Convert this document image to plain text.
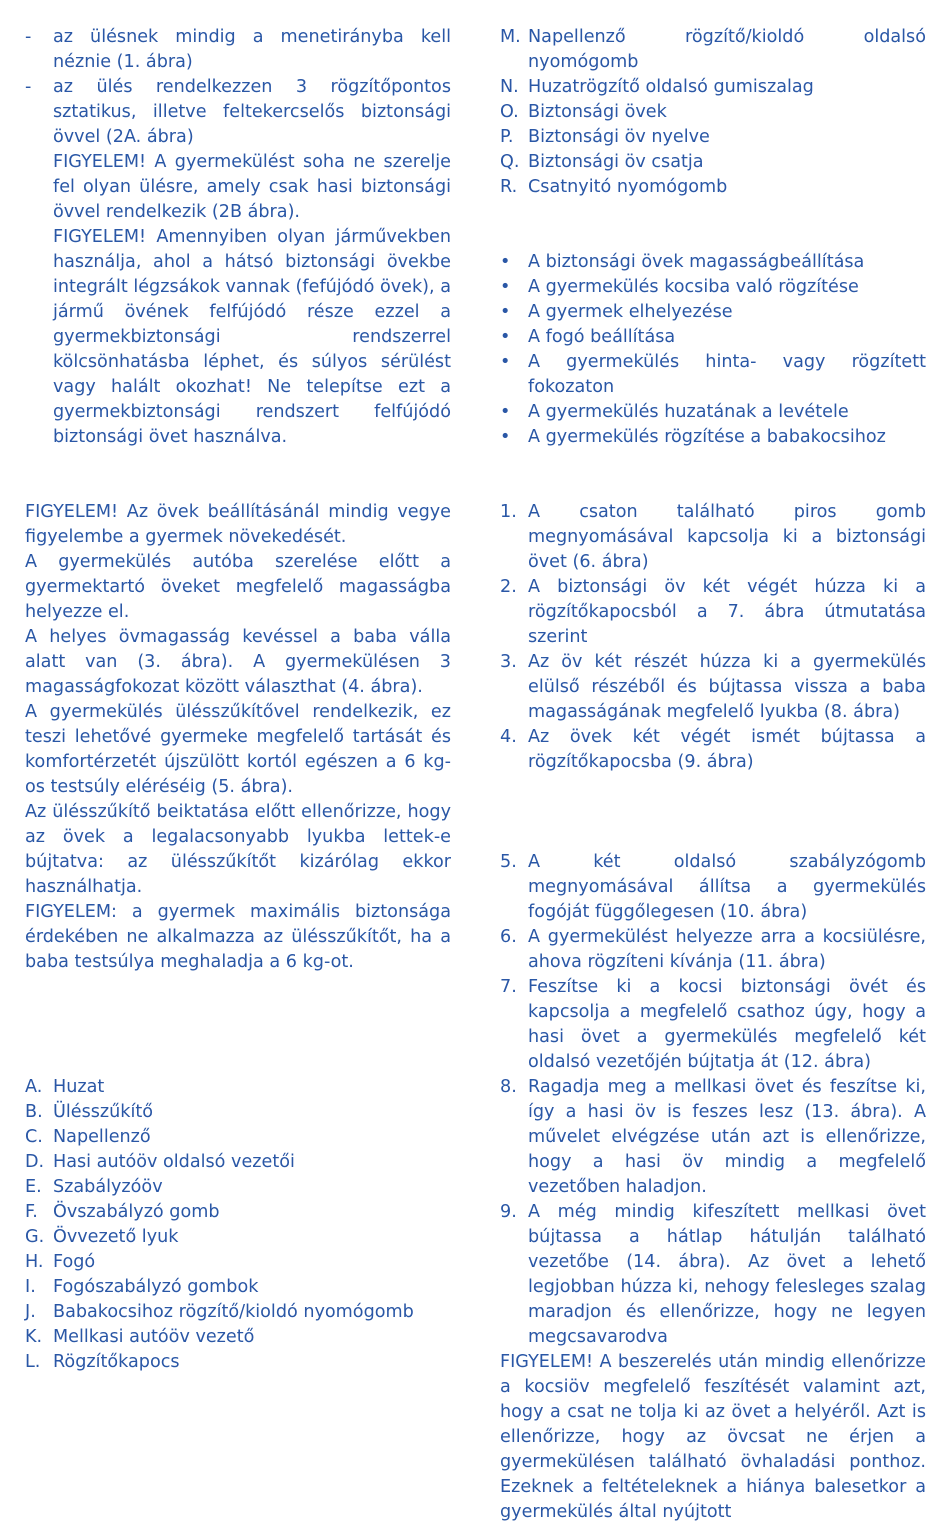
- az ülésnek mindig a menetirányba kell néznie (1. ábra)
- az ülés rendelkezzen 3 rögzítőpontos sztatikus, illetve feltekercselős biztonsági övvel (2A. ábra)

FIGYELEM! A gyermekülést soha ne szerelje fel olyan ülésre, amely csak hasi biztonsági övvel rendelkezik (2B ábra).

FIGYELEM! Amennyiben olyan járművekben használja, ahol a hátsó biztonsági övekbe integrált légzsákok vannak (fefújódó övek), a jármű övének felfújódó része ezzel a gyermekbiztonsági rendszerrel kölcsönhatásba léphet, és súlyos sérülést vagy halált okozhat! Ne telepítse ezt a gyermekbiztonsági rendszert felfújódó biztonsági övet használva.

FIGYELEM! Az övek beállításánál mindig vegye figyelembe a gyermek növekedését.

A gyermekülés autóba szerelése előtt a gyermektartó öveket megfelelő magasságba helyezze el.

A helyes övmagasság kevéssel a baba válla alatt van (3. ábra). A gyermekülésen 3 magasságfokozat között választhat (4. ábra).

A gyermekülés ülésszűkítővel rendelkezik, ez teszi lehetővé gyermeke megfelelő tartását és komfortérzetét újszülött kortól egészen a 6 kg-os testsúly eléréséig (5. ábra).

Az ülésszűkítő beiktatása előtt ellenőrizze, hogy az övek a legalacsonyabb lyukba lettek-e bújtatva: az ülésszűkítőt kizárólag ekkor használhatja.

FIGYELEM: a gyermek maximális biztonsága érdekében ne alkalmazza az ülésszűkítőt, ha a baba testsúlya meghaladja a 6 kg-ot.

A. Huzat
B. Ülésszűkítő
C. Napellenző
D. Hasi autóöv oldalsó vezetői
E. Szabályzóöv
F. Övszabályzó gomb
G. Övvezető lyuk
H. Fogó
I. Fogószabályzó gombok
J. Babakocsihoz rögzítő/kioldó nyomógomb
K. Mellkasi autóöv vezető
L. Rögzítőkapocs
M. Napellenző rögzítő/kioldó oldalsó nyomógomb
N. Huzatrögzítő oldalsó gumiszalag
O. Biztonsági övek
P. Biztonsági öv nyelve
Q. Biztonsági öv csatja
R. Csatnyitó nyomógomb
• A biztonsági övek magasságbeállítása
• A gyermekülés kocsiba való rögzítése
• A gyermek elhelyezése
• A fogó beállítása
• A gyermekülés hinta- vagy rögzített fokozaton
• A gyermekülés huzatának a levétele
• A gyermekülés rögzítése a babakocsihoz
1. A csaton található piros gomb megnyomásával kapcsolja ki a biztonsági övet (6. ábra)
2. A biztonsági öv két végét húzza ki a rögzítőkapocsból a 7. ábra útmutatása szerint
3. Az öv két részét húzza ki a gyermekülés elülső részéből és bújtassa vissza a baba magasságának megfelelő lyukba (8. ábra)
4. Az övek két végét ismét bújtassa a rögzítőkapocsba (9. ábra)
5. A két oldalsó szabályzógomb megnyomásával állítsa a gyermekülés fogóját függőlegesen (10. ábra)
6. A gyermekülést helyezze arra a kocsiülésre, ahova rögzíteni kívánja (11. ábra)
7. Feszítse ki a kocsi biztonsági övét és kapcsolja a megfelelő csathoz úgy, hogy a hasi övet a gyermekülés megfelelő két oldalsó vezetőjén bújtatja át (12. ábra)
8. Ragadja meg a mellkasi övet és feszítse ki, így a hasi öv is feszes lesz (13. ábra). A művelet elvégzése után azt is ellenőrizze, hogy a hasi öv mindig a megfelelő vezetőben haladjon.
9. A még mindig kifeszített mellkasi övet bújtassa a hátlap hátulján található vezetőbe (14. ábra). Az övet a lehető legjobban húzza ki, nehogy felesleges szalag maradjon és ellenőrizze, hogy ne legyen megcsavarodva

FIGYELEM! A beszerelés után mindig ellenőrizze a kocsiöv megfelelő feszítését valamint azt, hogy a csat ne tolja ki az övet a helyéről. Azt is ellenőrizze, hogy az övcsat ne érjen a gyermekülésen található övhaladási ponthoz. Ezeknek a feltételeknek a hiánya balesetkor a gyermekülés által nyújtott
